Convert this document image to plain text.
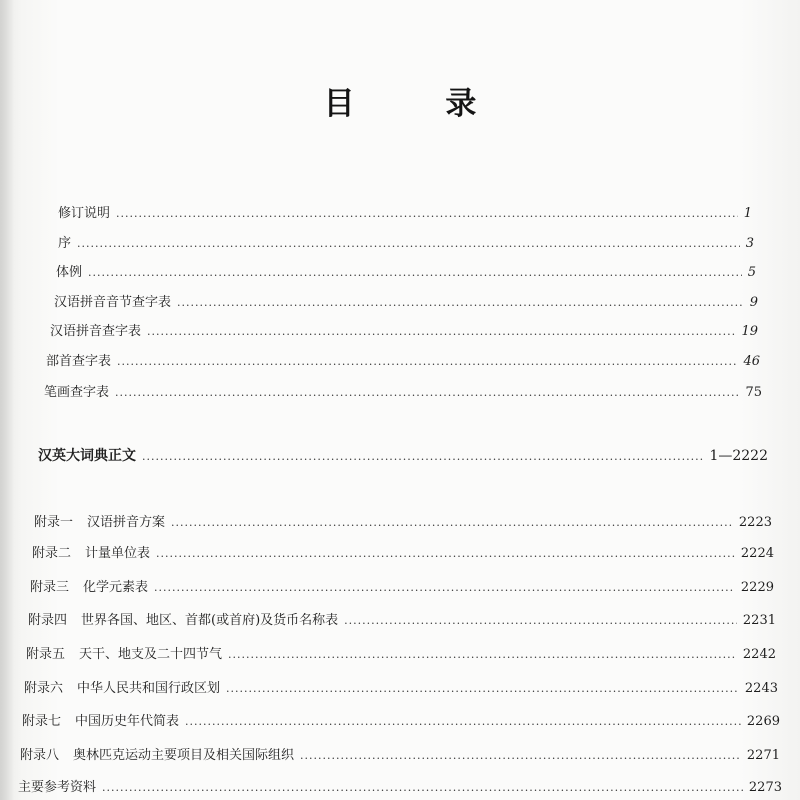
目 录
修订说明 .....	1
序 .....	3
体例 .....	5
汉语拼音音节查字表 .....	9
汉语拼音查字表 .....	19
部首查字表 .....	46
笔画查字表 .....	75
汉英大词典正文 .....	1—2222
附录一 汉语拼音方案 .....	2223
附录二 计量单位表 .....	2224
附录三 化学元素表 .....	2229
附录四 世界各国、地区、首都(或首府)及货币名称表 .....	2231
附录五 天干、地支及二十四节气 .....	2242
附录六 中华人民共和国行政区划 .....	2243
附录七 中国历史年代简表 .....	2269
附录八 奥林匹克运动主要项目及相关国际组织 .....	2271
主要参考资料 .....	2273
